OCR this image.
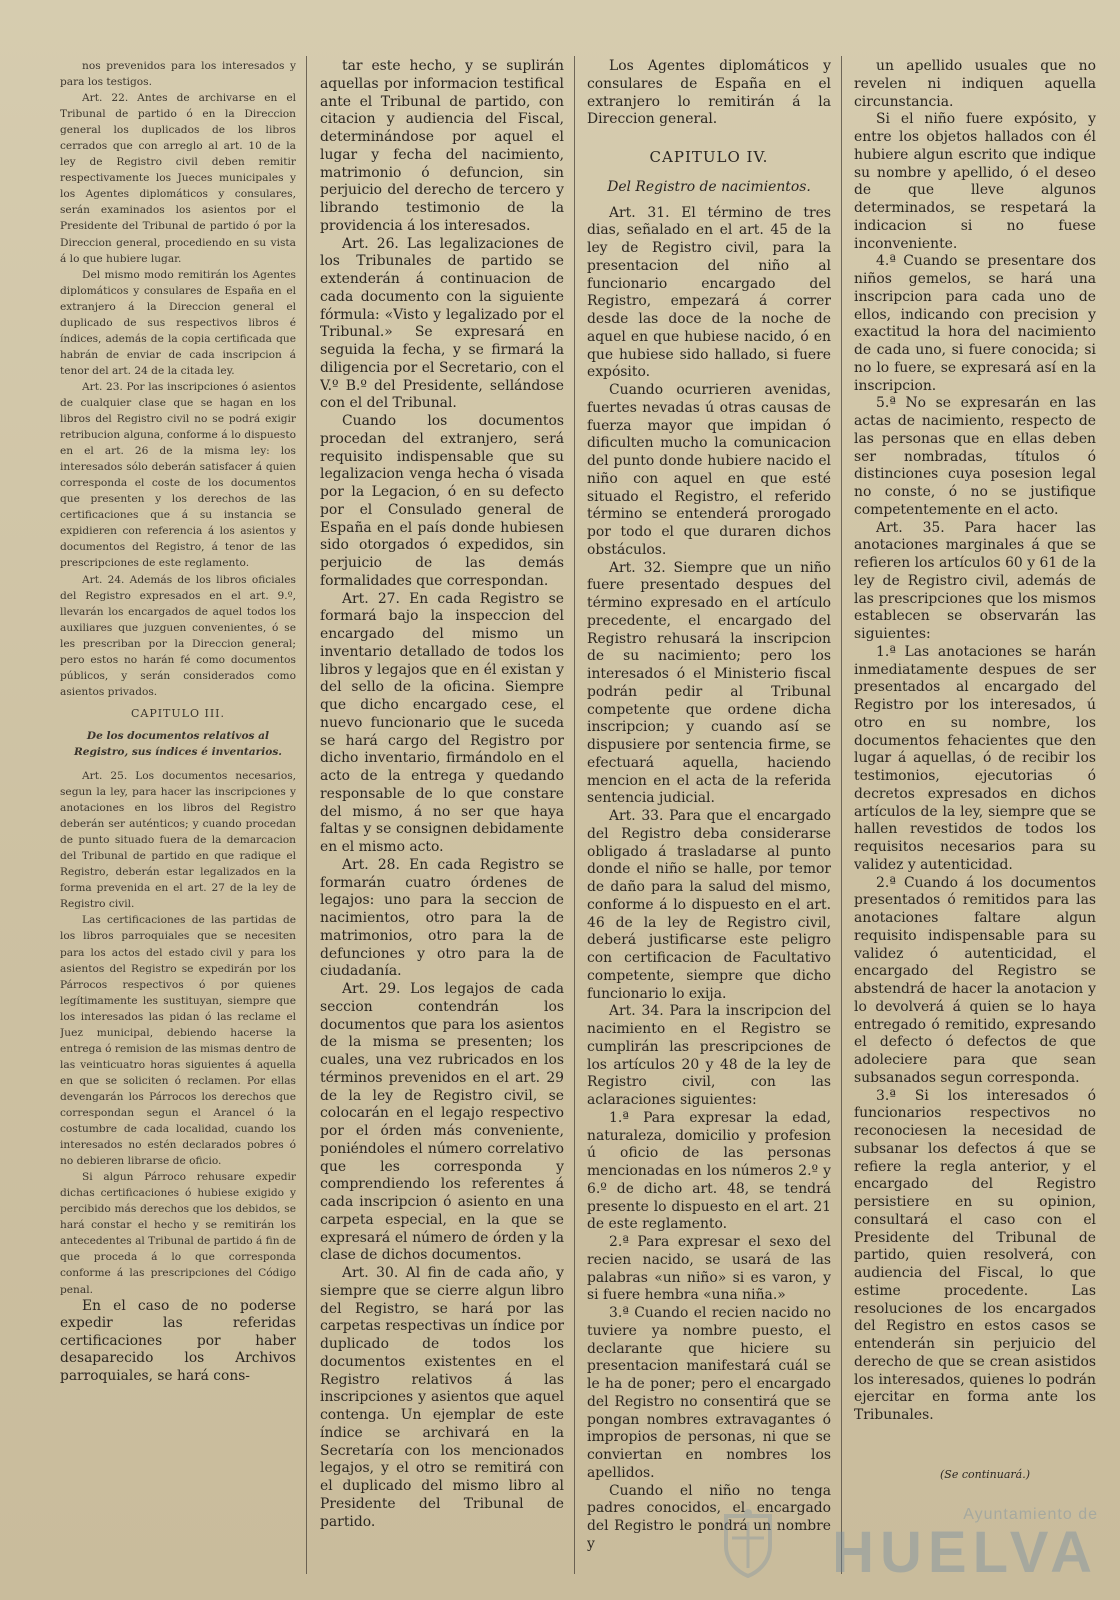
nos prevenidos para los interesados y para los testigos.

Art. 22. Antes de archivarse en el Tribunal de partido ó en la Direccion general los duplicados de los libros cerrados que con arreglo al art. 10 de la ley de Registro civil deben remitir respectivamente los Jueces municipales y los Agentes diplomáticos y consulares, serán examinados los asientos por el Presidente del Tribunal de partido ó por la Direccion general, procediendo en su vista á lo que hubiere lugar.

Del mismo modo remitirán los Agentes diplomáticos y consulares de España en el extranjero á la Direccion general el duplicado de sus respectivos libros é índices, además de la copia certificada que habrán de enviar de cada inscripcion á tenor del art. 24 de la citada ley.

Art. 23. Por las inscripciones ó asientos de cualquier clase que se hagan en los libros del Registro civil no se podrá exigir retribucion alguna, conforme á lo dispuesto en el art. 26 de la misma ley: los interesados sólo deberán satisfacer á quien corresponda el coste de los documentos que presenten y los derechos de las certificaciones que á su instancia se expidieren con referencia á los asientos y documentos del Registro, á tenor de las prescripciones de este reglamento.

Art. 24. Además de los libros oficiales del Registro expresados en el art. 9.º, llevarán los encargados de aquel todos los auxiliares que juzguen convenientes, ó se les prescriban por la Direccion general; pero estos no harán fé como documentos públicos, y serán considerados como asientos privados.

CAPITULO III.

De los documentos relativos al Registro, sus índices é inventarios.

Art. 25. Los documentos necesarios, segun la ley, para hacer las inscripciones y anotaciones en los libros del Registro deberán ser auténticos; y cuando procedan de punto situado fuera de la demarcacion del Tribunal de partido en que radique el Registro, deberán estar legalizados en la forma prevenida en el art. 27 de la ley de Registro civil.

Las certificaciones de las partidas de los libros parroquiales que se necesiten para los actos del estado civil y para los asientos del Registro se expedirán por los Párrocos respectivos ó por quienes legítimamente les sustituyan, siempre que los interesados las pidan ó las reclame el Juez municipal, debiendo hacerse la entrega ó remision de las mismas dentro de las veinticuatro horas siguientes á aquella en que se soliciten ó reclamen. Por ellas devengarán los Párrocos los derechos que correspondan segun el Arancel ó la costumbre de cada localidad, cuando los interesados no estén declarados pobres ó no debieren librarse de oficio.

Si algun Párroco rehusare expedir dichas certificaciones ó hubiese exigido y percibido más derechos que los debidos, se hará constar el hecho y se remitirán los antecedentes al Tribunal de partido á fin de que proceda á lo que corresponda conforme á las prescripciones del Código penal.

En el caso de no poderse expedir las referidas certificaciones por haber desaparecido los Archivos parroquiales, se hará cons-

tar este hecho, y se suplirán aquellas por informacion testifical ante el Tribunal de partido, con citacion y audiencia del Fiscal, determinándose por aquel el lugar y fecha del nacimiento, matrimonio ó defuncion, sin perjuicio del derecho de tercero y librando testimonio de la providencia á los interesados.

Art. 26. Las legalizaciones de los Tribunales de partido se extenderán á continuacion de cada documento con la siguiente fórmula: «Visto y legalizado por el Tribunal.» Se expresará en seguida la fecha, y se firmará la diligencia por el Secretario, con el V.º B.º del Presidente, sellándose con el del Tribunal.

Cuando los documentos procedan del extranjero, será requisito indispensable que su legalizacion venga hecha ó visada por la Legacion, ó en su defecto por el Consulado general de España en el país donde hubiesen sido otorgados ó expedidos, sin perjuicio de las demás formalidades que correspondan.

Art. 27. En cada Registro se formará bajo la inspeccion del encargado del mismo un inventario detallado de todos los libros y legajos que en él existan y del sello de la oficina. Siempre que dicho encargado cese, el nuevo funcionario que le suceda se hará cargo del Registro por dicho inventario, firmándolo en el acto de la entrega y quedando responsable de lo que constare del mismo, á no ser que haya faltas y se consignen debidamente en el mismo acto.

Art. 28. En cada Registro se formarán cuatro órdenes de legajos: uno para la seccion de nacimientos, otro para la de matrimonios, otro para la de defunciones y otro para la de ciudadanía.

Art. 29. Los legajos de cada seccion contendrán los documentos que para los asientos de la misma se presenten; los cuales, una vez rubricados en los términos prevenidos en el art. 29 de la ley de Registro civil, se colocarán en el legajo respectivo por el órden más conveniente, poniéndoles el número correlativo que les corresponda y comprendiendo los referentes á cada inscripcion ó asiento en una carpeta especial, en la que se expresará el número de órden y la clase de dichos documentos.

Art. 30. Al fin de cada año, y siempre que se cierre algun libro del Registro, se hará por las carpetas respectivas un índice por duplicado de todos los documentos existentes en el Registro relativos á las inscripciones y asientos que aquel contenga. Un ejemplar de este índice se archivará en la Secretaría con los mencionados legajos, y el otro se remitirá con el duplicado del mismo libro al Presidente del Tribunal de partido.

Los Agentes diplomáticos y consulares de España en el extranjero lo remitirán á la Direccion general.

CAPITULO IV.

Del Registro de nacimientos.

Art. 31. El término de tres dias, señalado en el art. 45 de la ley de Registro civil, para la presentacion del niño al funcionario encargado del Registro, empezará á correr desde las doce de la noche de aquel en que hubiese nacido, ó en que hubiese sido hallado, si fuere expósito.

Cuando ocurrieren avenidas, fuertes nevadas ú otras causas de fuerza mayor que impidan ó dificulten mucho la comunicacion del punto donde hubiere nacido el niño con aquel en que esté situado el Registro, el referido término se entenderá prorogado por todo el que duraren dichos obstáculos.

Art. 32. Siempre que un niño fuere presentado despues del término expresado en el artículo precedente, el encargado del Registro rehusará la inscripcion de su nacimiento; pero los interesados ó el Ministerio fiscal podrán pedir al Tribunal competente que ordene dicha inscripcion; y cuando así se dispusiere por sentencia firme, se efectuará aquella, haciendo mencion en el acta de la referida sentencia judicial.

Art. 33. Para que el encargado del Registro deba considerarse obligado á trasladarse al punto donde el niño se halle, por temor de daño para la salud del mismo, conforme á lo dispuesto en el art. 46 de la ley de Registro civil, deberá justificarse este peligro con certificacion de Facultativo competente, siempre que dicho funcionario lo exija.

Art. 34. Para la inscripcion del nacimiento en el Registro se cumplirán las prescripciones de los artículos 20 y 48 de la ley de Registro civil, con las aclaraciones siguientes:

1.ª Para expresar la edad, naturaleza, domicilio y profesion ú oficio de las personas mencionadas en los números 2.º y 6.º de dicho art. 48, se tendrá presente lo dispuesto en el art. 21 de este reglamento.

2.ª Para expresar el sexo del recien nacido, se usará de las palabras «un niño» si es varon, y si fuere hembra «una niña.»

3.ª Cuando el recien nacido no tuviere ya nombre puesto, el declarante que hiciere su presentacion manifestará cuál se le ha de poner; pero el encargado del Registro no consentirá que se pongan nombres extravagantes ó impropios de personas, ni que se conviertan en nombres los apellidos.

Cuando el niño no tenga padres conocidos, el encargado del Registro le pondrá un nombre y

un apellido usuales que no revelen ni indiquen aquella circunstancia.

Si el niño fuere expósito, y entre los objetos hallados con él hubiere algun escrito que indique su nombre y apellido, ó el deseo de que lleve algunos determinados, se respetará la indicacion si no fuese inconveniente.

4.ª Cuando se presentare dos niños gemelos, se hará una inscripcion para cada uno de ellos, indicando con precision y exactitud la hora del nacimiento de cada uno, si fuere conocida; si no lo fuere, se expresará así en la inscripcion.

5.ª No se expresarán en las actas de nacimiento, respecto de las personas que en ellas deben ser nombradas, títulos ó distinciones cuya posesion legal no conste, ó no se justifique competentemente en el acto.

Art. 35. Para hacer las anotaciones marginales á que se refieren los artículos 60 y 61 de la ley de Registro civil, además de las prescripciones que los mismos establecen se observarán las siguientes:

1.ª Las anotaciones se harán inmediatamente despues de ser presentados al encargado del Registro por los interesados, ú otro en su nombre, los documentos fehacientes que den lugar á aquellas, ó de recibir los testimonios, ejecutorias ó decretos expresados en dichos artículos de la ley, siempre que se hallen revestidos de todos los requisitos necesarios para su validez y autenticidad.

2.ª Cuando á los documentos presentados ó remitidos para las anotaciones faltare algun requisito indispensable para su validez ó autenticidad, el encargado del Registro se abstendrá de hacer la anotacion y lo devolverá á quien se lo haya entregado ó remitido, expresando el defecto ó defectos de que adoleciere para que sean subsanados segun corresponda.

3.ª Si los interesados ó funcionarios respectivos no reconociesen la necesidad de subsanar los defectos á que se refiere la regla anterior, y el encargado del Registro persistiere en su opinion, consultará el caso con el Presidente del Tribunal de partido, quien resolverá, con audiencia del Fiscal, lo que estime procedente. Las resoluciones de los encargados del Registro en estos casos se entenderán sin perjuicio del derecho de que se crean asistidos los interesados, quienes lo podrán ejercitar en forma ante los Tribunales.

(Se continuará.)
Ayuntamiento de
HUELVA
